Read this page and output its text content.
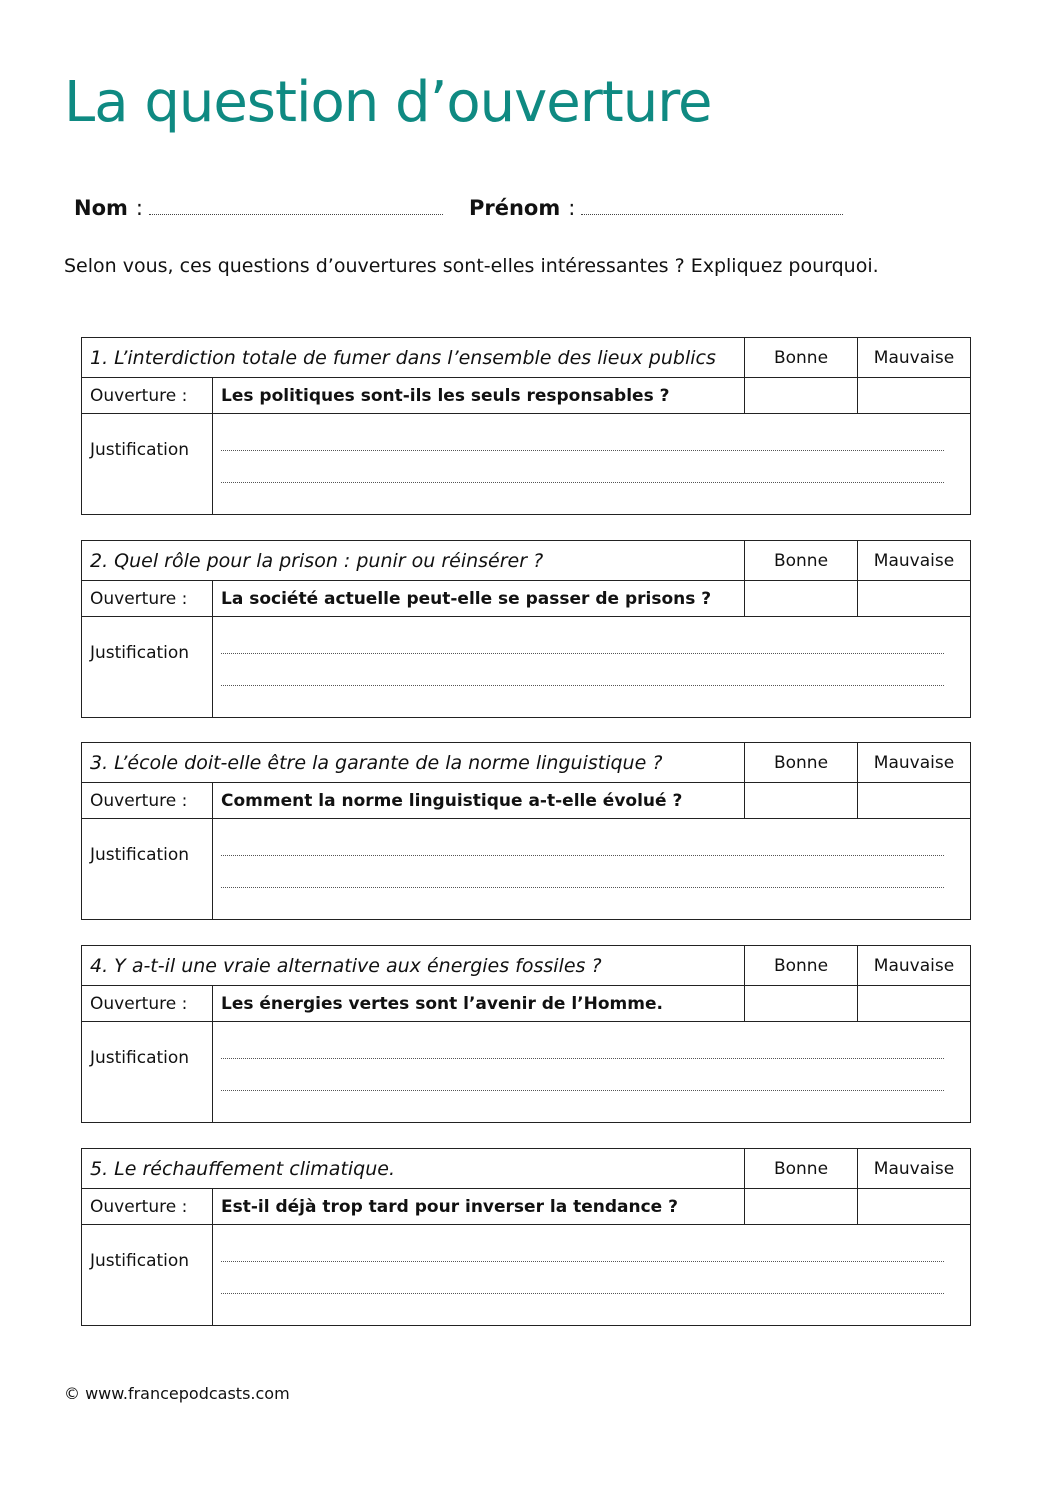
La question d’ouverture
Nom :	Prénom :
Selon vous, ces questions d’ouvertures sont-elles intéressantes ? Expliquez pourquoi.
1. L’interdiction totale de fumer dans l’ensemble des lieux publics	Bonne	Mauvaise
Ouverture :	Les politiques sont-ils les seuls responsables ?
Justification
2. Quel rôle pour la prison : punir ou réinsérer ?	Bonne	Mauvaise
Ouverture :	La société actuelle peut-elle se passer de prisons ?
Justification
3. L’école doit-elle être la garante de la norme linguistique ?	Bonne	Mauvaise
Ouverture :	Comment la norme linguistique a-t-elle évolué ?
Justification
4. Y a-t-il une vraie alternative aux énergies fossiles ?	Bonne	Mauvaise
Ouverture :	Les énergies vertes sont l’avenir de l’Homme.
Justification
5. Le réchauffement climatique.	Bonne	Mauvaise
Ouverture :	Est-il déjà trop tard pour inverser la tendance ?
Justification
© www.francepodcasts.com
